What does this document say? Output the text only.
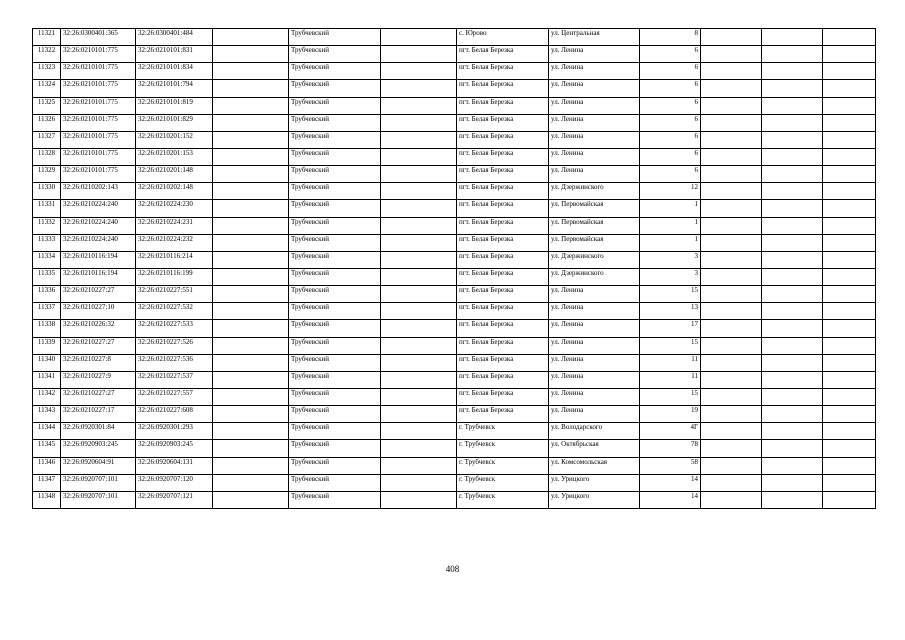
11321	32:26:0300401:365	32:26:0300401:484		Трубчевский		с. Юрово	ул. Центральная	8			
11322	32:26:0210101:775	32:26:0210101:831		Трубчевский		пгт. Белая Березка	ул. Ленина	6			
11323	32:26:0210101:775	32:26:0210101:834		Трубчевский		пгт. Белая Березка	ул. Ленина	6			
11324	32:26:0210101:775	32:26:0210101:794		Трубчевский		пгт. Белая Березка	ул. Ленина	6			
11325	32:26:0210101:775	32:26:0210101:819		Трубчевский		пгт. Белая Березка	ул. Ленина	6			
11326	32:26:0210101:775	32:26:0210101:829		Трубчевский		пгт. Белая Березка	ул. Ленина	6			
11327	32:26:0210101:775	32:26:0210201:152		Трубчевский		пгт. Белая Березка	ул. Ленина	6			
11328	32:26:0210101:775	32:26:0210201:153		Трубчевский		пгт. Белая Березка	ул. Ленина	6			
11329	32:26:0210101:775	32:26:0210201:148		Трубчевский		пгт. Белая Березка	ул. Ленина	6			
11330	32:26:0210202:143	32:26:0210202:148		Трубчевский		пгт. Белая Березка	ул. Дзержинского	12			
11331	32:26:0210224:240	32:26:0210224:230		Трубчевский		пгт. Белая Березка	ул. Первомайская	1			
11332	32:26:0210224:240	32:26:0210224:231		Трубчевский		пгт. Белая Березка	ул. Первомайская	1			
11333	32:26:0210224:240	32:26:0210224:232		Трубчевский		пгт. Белая Березка	ул. Первомайская	1			
11334	32:26:0210116:194	32:26:0210116:214		Трубчевский		пгт. Белая Березка	ул. Дзержинского	3			
11335	32:26:0210116:194	32:26:0210116:199		Трубчевский		пгт. Белая Березка	ул. Дзержинского	3			
11336	32:26:0210227:27	32:26:0210227:551		Трубчевский		пгт. Белая Березка	ул. Ленина	15			
11337	32:26:0210227:10	32:26:0210227:532		Трубчевский		пгт. Белая Березка	ул. Ленина	13			
11338	32:26:0210226:32	32:26:0210227:533		Трубчевский		пгт. Белая Березка	ул. Ленина	17			
11339	32:26:0210227:27	32:26:0210227:526		Трубчевский		пгт. Белая Березка	ул. Ленина	15			
11340	32:26:0210227:8	32:26:0210227:536		Трубчевский		пгт. Белая Березка	ул. Ленина	11			
11341	32:26:0210227:9	32:26:0210227:537		Трубчевский		пгт. Белая Березка	ул. Ленина	11			
11342	32:26:0210227:27	32:26:0210227:557		Трубчевский		пгт. Белая Березка	ул. Ленина	15			
11343	32:26:0210227:17	32:26:0210227:608		Трубчевский		пгт. Белая Березка	ул. Ленина	19			
11344	32:26:0920301:84	32:26:0920301:293		Трубчевский		г. Трубчевск	ул. Володарского	4Г			
11345	32:26:0920903:245	32:26:0920903:245		Трубчевский		г. Трубчевск	ул. Октябрьская	78			
11346	32:26:0920604:91	32:26:0920604:131		Трубчевский		г. Трубчевск	ул. Комсомольская	58			
11347	32:26:0920707:101	32:26:0920707:120		Трубчевский		г. Трубчевск	ул. Урицкого	14			
11348	32:26:0920707:101	32:26:0920707:121		Трубчевский		г. Трубчевск	ул. Урицкого	14			
408
